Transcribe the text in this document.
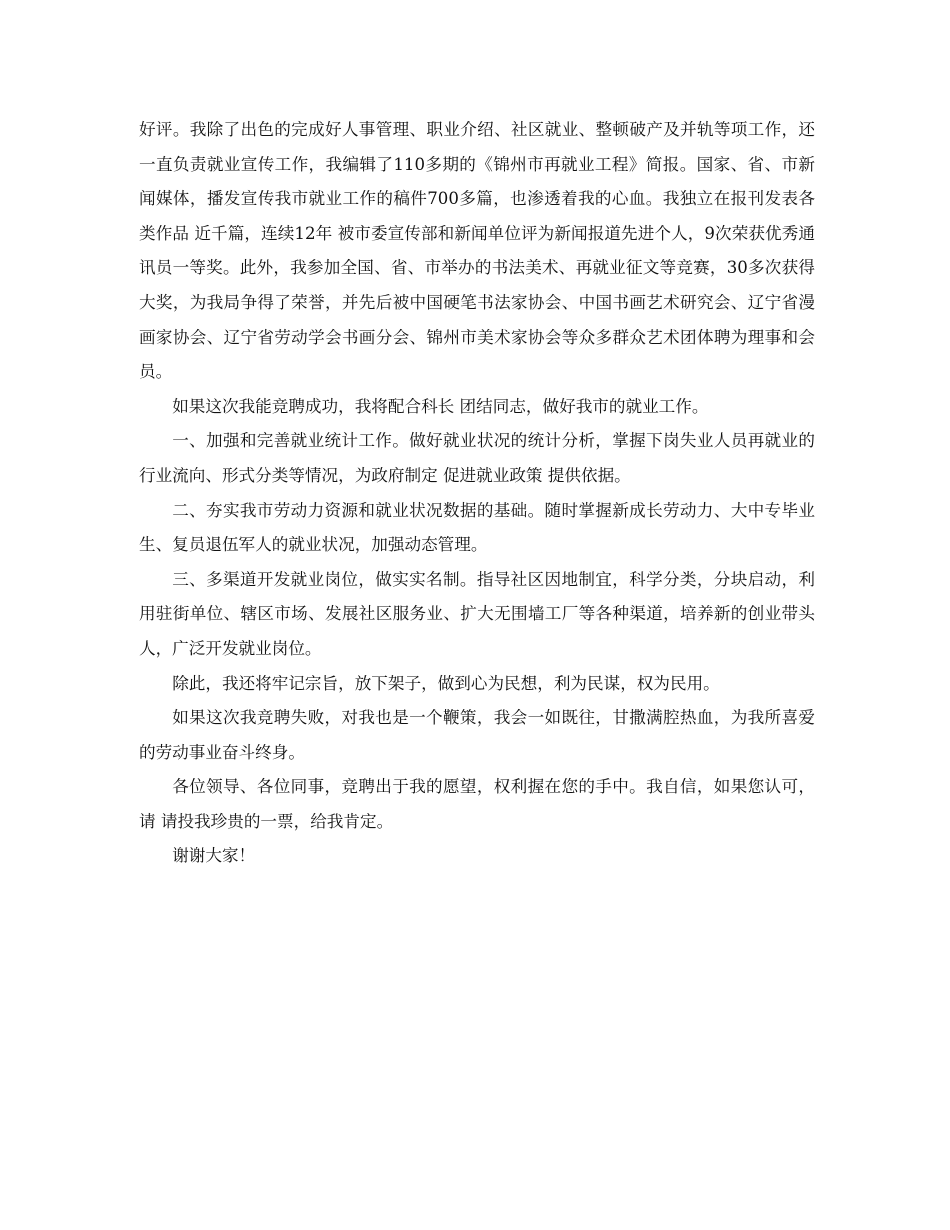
好评。我除了出色的完成好人事管理、职业介绍、社区就业、整顿破产及并轨等项工作，还一直负责就业宣传工作，我编辑了110多期的《锦州市再就业工程》简报。国家、省、市新闻媒体，播发宣传我市就业工作的稿件700多篇，也渗透着我的心血。我独立在报刊发表各类作品 近千篇，连续12年 被市委宣传部和新闻单位评为新闻报道先进个人，9次荣获优秀通讯员一等奖。此外，我参加全国、省、市举办的书法美术、再就业征文等竞赛，30多次获得大奖，为我局争得了荣誉，并先后被中国硬笔书法家协会、中国书画艺术研究会、辽宁省漫画家协会、辽宁省劳动学会书画分会、锦州市美术家协会等众多群众艺术团体聘为理事和会员。

如果这次我能竞聘成功，我将配合科长 团结同志，做好我市的就业工作。

一、加强和完善就业统计工作。做好就业状况的统计分析，掌握下岗失业人员再就业的 行业流向、形式分类等情况，为政府制定 促进就业政策 提供依据。

二、夯实我市劳动力资源和就业状况数据的基础。随时掌握新成长劳动力、大中专毕业生、复员退伍军人的就业状况，加强动态管理。

三、多渠道开发就业岗位，做实实名制。指导社区因地制宜，科学分类，分块启动，利用驻街单位、辖区市场、发展社区服务业、扩大无围墙工厂等各种渠道，培养新的创业带头人，广泛开发就业岗位。

除此，我还将牢记宗旨，放下架子，做到心为民想，利为民谋，权为民用。

如果这次我竞聘失败，对我也是一个鞭策，我会一如既往，甘撒满腔热血，为我所喜爱的劳动事业奋斗终身。

各位领导、各位同事，竞聘出于我的愿望，权利握在您的手中。我自信，如果您认可，请 请投我珍贵的一票，给我肯定。

谢谢大家！
